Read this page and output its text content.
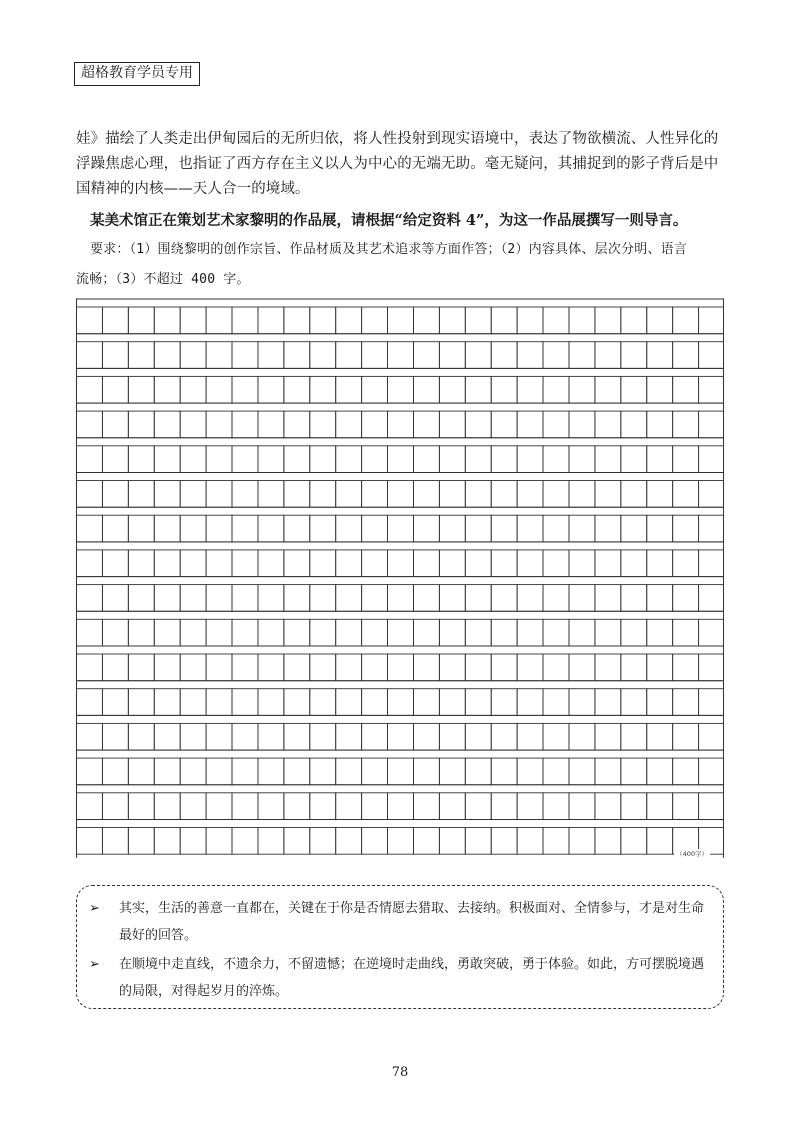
超格教育学员专用
娃》描绘了人类走出伊甸园后的无所归依，将人性投射到现实语境中，表达了物欲横流、人性异化的浮躁焦虑心理，也指证了西方存在主义以人为中心的无端无助。毫无疑问，其捕捉到的影子背后是中国精神的内核——天人合一的境域。
某美术馆正在策划艺术家黎明的作品展，请根据“给定资料 4”，为这一作品展撰写一则导言。
要求：（1）围绕黎明的创作宗旨、作品材质及其艺术追求等方面作答；（2）内容具体、层次分明、语言
流畅；（3）不超过 400 字。
（400字）
➢	其实，生活的善意一直都在，关键在于你是否情愿去猎取、去接纳。积极面对、全情参与，才是对生命最好的回答。
➢	在顺境中走直线，不遗余力，不留遗憾；在逆境时走曲线，勇敢突破，勇于体验。如此，方可摆脱境遇的局限，对得起岁月的淬炼。
78
